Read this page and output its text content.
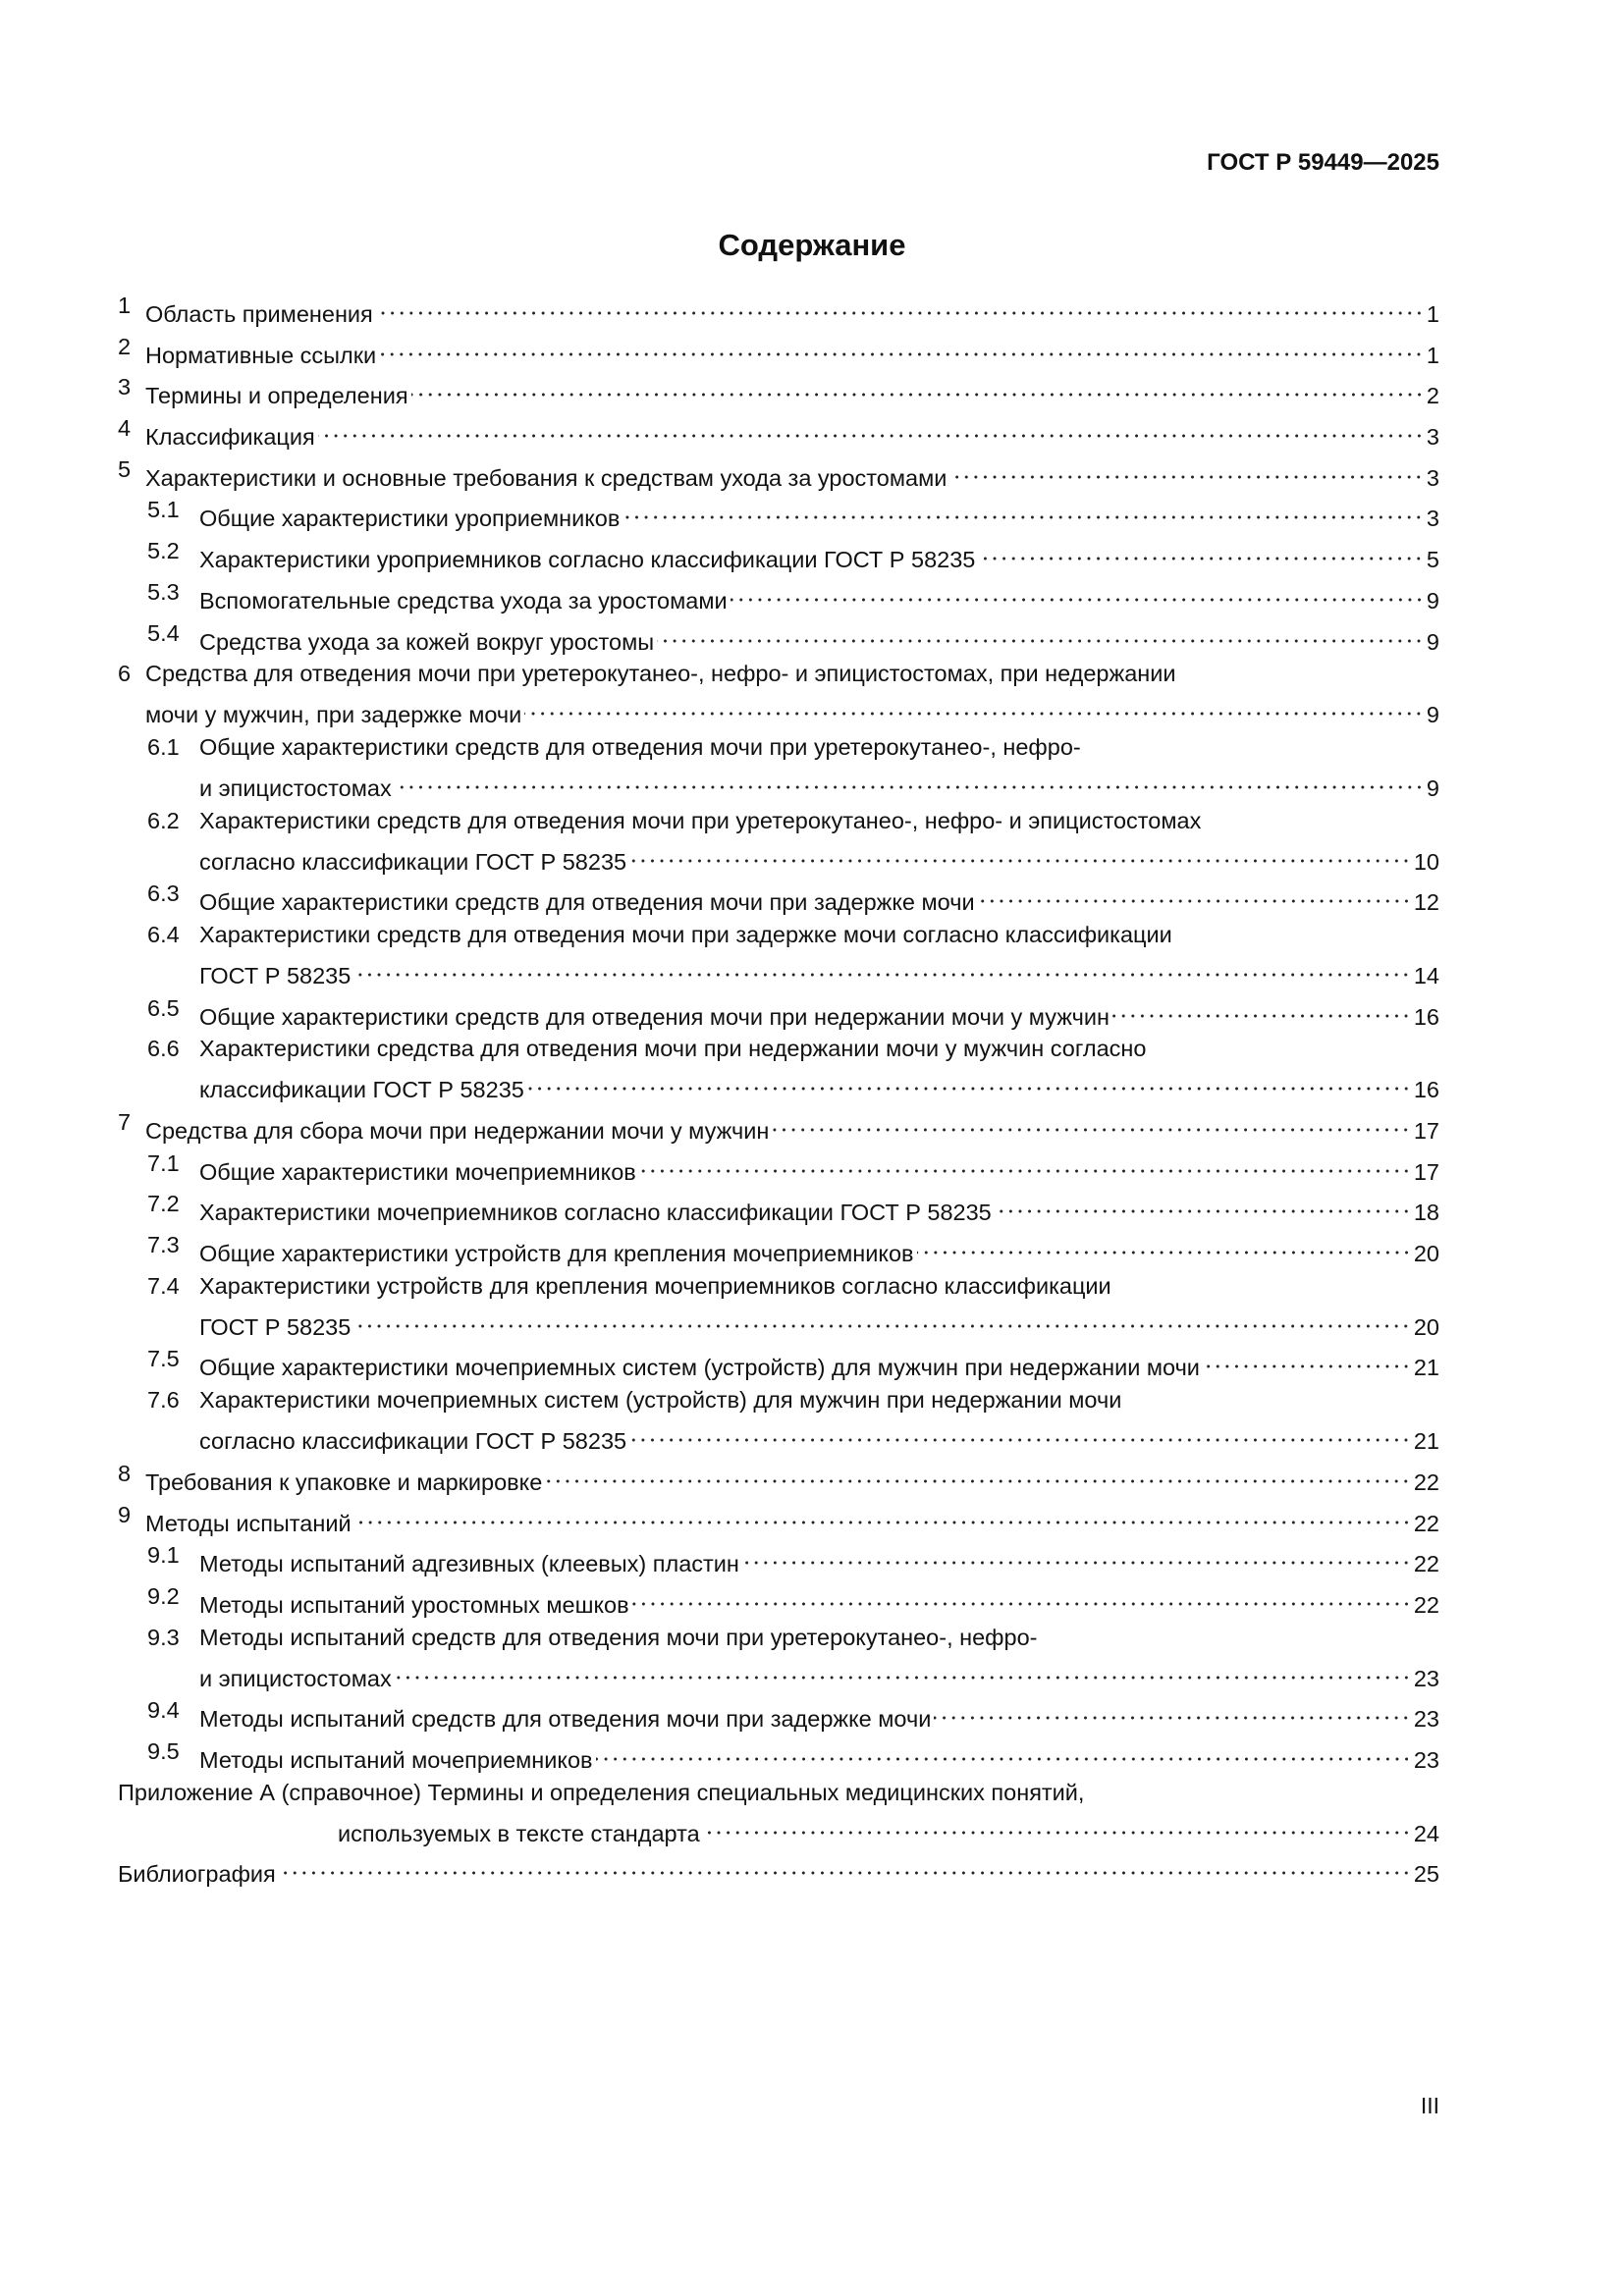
ГОСТ Р 59449—2025
Содержание
1 Область применения	1
2 Нормативные ссылки	1
3 Термины и определения	2
4 Классификация	3
5 Характеристики и основные требования к средствам ухода за уростомами	3
5.1 Общие характеристики уроприемников	3
5.2 Характеристики уроприемников согласно классификации ГОСТ Р 58235	5
5.3 Вспомогательные средства ухода за уростомами	9
5.4 Средства ухода за кожей вокруг уростомы	9
6 Средства для отведения мочи при уретерокутанео-, нефро- и эпицистостомах, при недержании
мочи у мужчин, при задержке мочи	9
6.1 Общие характеристики средств для отведения мочи при уретерокутанео-, нефро-
и эпицистостомах	9
6.2 Характеристики средств для отведения мочи при уретерокутанео-, нефро- и эпицистостомах
согласно классификации ГОСТ Р 58235	10
6.3 Общие характеристики средств для отведения мочи при задержке мочи	12
6.4 Характеристики средств для отведения мочи при задержке мочи согласно классификации
ГОСТ Р 58235	14
6.5 Общие характеристики средств для отведения мочи при недержании мочи у мужчин	16
6.6 Характеристики средства для отведения мочи при недержании мочи у мужчин согласно
классификации ГОСТ Р 58235	16
7 Средства для сбора мочи при недержании мочи у мужчин	17
7.1 Общие характеристики мочеприемников	17
7.2 Характеристики мочеприемников согласно классификации ГОСТ Р 58235	18
7.3 Общие характеристики устройств для крепления мочеприемников	20
7.4 Характеристики устройств для крепления мочеприемников согласно классификации
ГОСТ Р 58235	20
7.5 Общие характеристики мочеприемных систем (устройств) для мужчин при недержании мочи	21
7.6 Характеристики мочеприемных систем (устройств) для мужчин при недержании мочи
согласно классификации ГОСТ Р 58235	21
8 Требования к упаковке и маркировке	22
9 Методы испытаний	22
9.1 Методы испытаний адгезивных (клеевых) пластин	22
9.2 Методы испытаний уростомных мешков	22
9.3 Методы испытаний средств для отведения мочи при уретерокутанео-, нефро-
и эпицистостомах	23
9.4 Методы испытаний средств для отведения мочи при задержке мочи	23
9.5 Методы испытаний мочеприемников	23
Приложение А (справочное) Термины и определения специальных медицинских понятий,
используемых в тексте стандарта	24
Библиография	25
III
